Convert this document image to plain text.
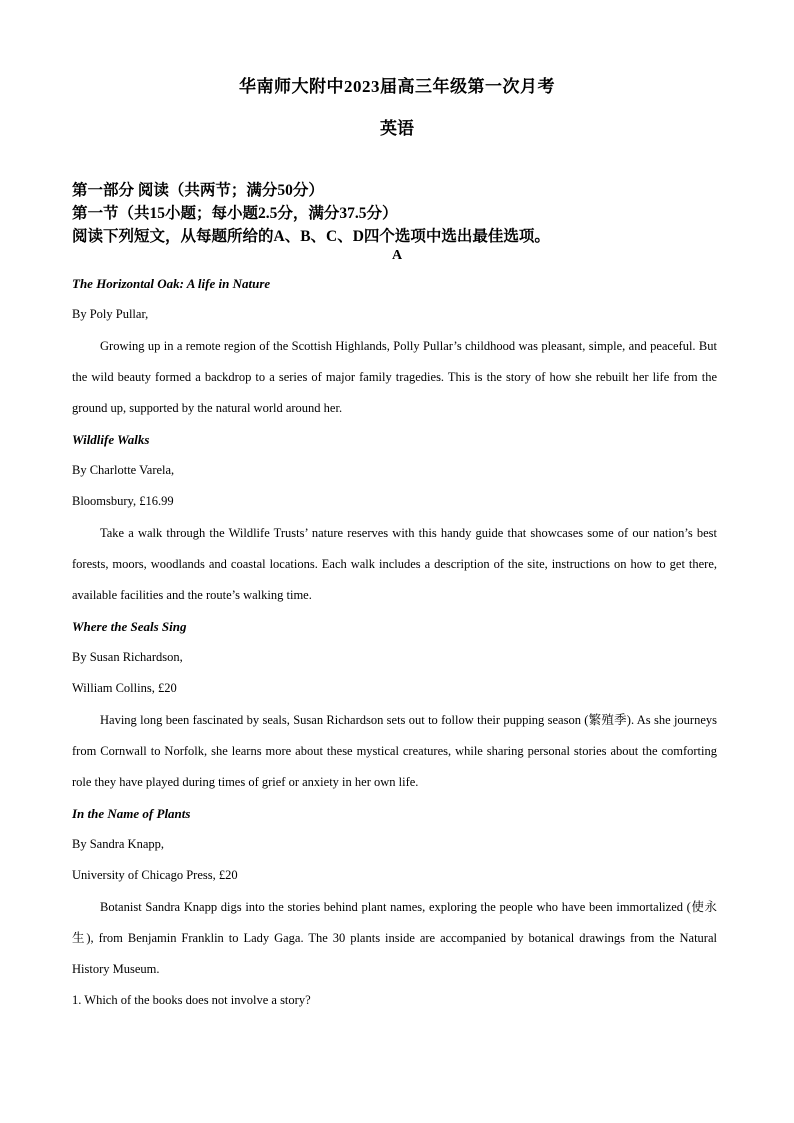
华南师大附中2023届高三年级第一次月考
英语
第一部分 阅读（共两节；满分50分）
第一节（共15小题；每小题2.5分，满分37.5分）
阅读下列短文，从每题所给的A、B、C、D四个选项中选出最佳选项。
A
The Horizontal Oak: A life in Nature
By Poly Pullar,
Growing up in a remote region of the Scottish Highlands, Polly Pullar’s childhood was pleasant, simple, and peaceful. But the wild beauty formed a backdrop to a series of major family tragedies. This is the story of how she rebuilt her life from the ground up, supported by the natural world around her.
Wildlife Walks
By Charlotte Varela,
Bloomsbury, £16.99
Take a walk through the Wildlife Trusts’ nature reserves with this handy guide that showcases some of our nation’s best forests, moors, woodlands and coastal locations. Each walk includes a description of the site, instructions on how to get there, available facilities and the route’s walking time.
Where the Seals Sing
By Susan Richardson,
William Collins, £20
Having long been fascinated by seals, Susan Richardson sets out to follow their pupping season (繁殖季). As she journeys from Cornwall to Norfolk, she learns more about these mystical creatures, while sharing personal stories about the comforting role they have played during times of grief or anxiety in her own life.
In the Name of Plants
By Sandra Knapp,
University of Chicago Press, £20
Botanist Sandra Knapp digs into the stories behind plant names, exploring the people who have been immortalized (使永生), from Benjamin Franklin to Lady Gaga. The 30 plants inside are accompanied by botanical drawings from the Natural History Museum.
1. Which of the books does not involve a story?
